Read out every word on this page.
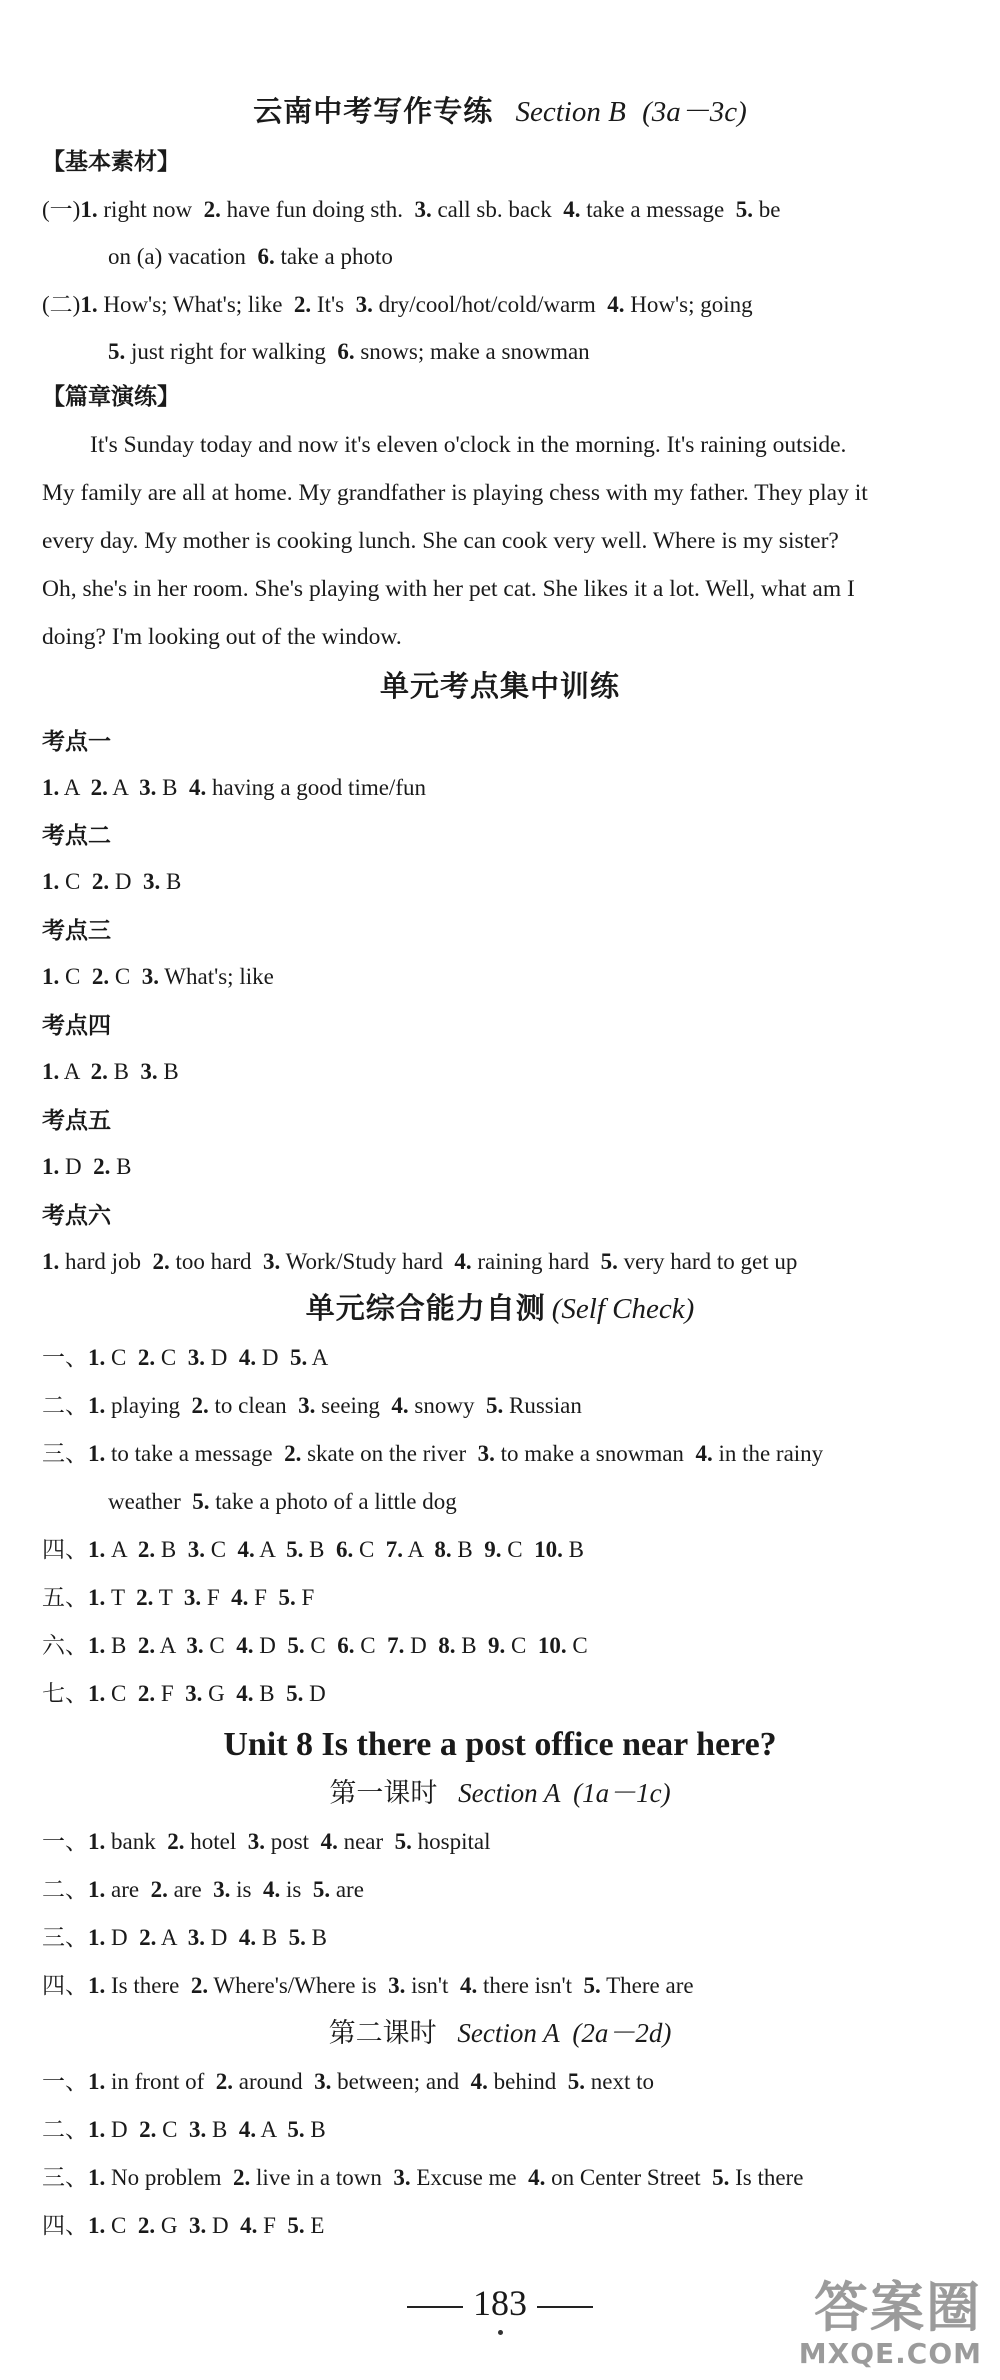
云南中考写作专练 Section B (3a－3c)
【基本素材】
(一)1. right now  2. have fun doing sth.  3. call sb. back  4. take a message  5. be
on (a) vacation  6. take a photo
(二)1. How's; What's; like  2. It's  3. dry/cool/hot/cold/warm  4. How's; going
5. just right for walking  6. snows; make a snowman
【篇章演练】
It's Sunday today and now it's eleven o'clock in the morning. It's raining outside.
My family are all at home. My grandfather is playing chess with my father. They play it
every day. My mother is cooking lunch. She can cook very well. Where is my sister?
Oh, she's in her room. She's playing with her pet cat. She likes it a lot. Well, what am I
doing? I'm looking out of the window.
单元考点集中训练
考点一
1. A  2. A  3. B  4. having a good time/fun
考点二
1. C  2. D  3. B
考点三
1. C  2. C  3. What's; like
考点四
1. A  2. B  3. B
考点五
1. D  2. B
考点六
1. hard job  2. too hard  3. Work/Study hard  4. raining hard  5. very hard to get up
单元综合能力自测 (Self Check)
一、1. C  2. C  3. D  4. D  5. A
二、1. playing  2. to clean  3. seeing  4. snowy  5. Russian
三、1. to take a message  2. skate on the river  3. to make a snowman  4. in the rainy
weather  5. take a photo of a little dog
四、1. A  2. B  3. C  4. A  5. B  6. C  7. A  8. B  9. C  10. B
五、1. T  2. T  3. F  4. F  5. F
六、1. B  2. A  3. C  4. D  5. C  6. C  7. D  8. B  9. C  10. C
七、1. C  2. F  3. G  4. B  5. D
Unit 8 Is there a post office near here?
第一课时 Section A (1a－1c)
一、1. bank  2. hotel  3. post  4. near  5. hospital
二、1. are  2. are  3. is  4. is  5. are
三、1. D  2. A  3. D  4. B  5. B
四、1. Is there  2. Where's/Where is  3. isn't  4. there isn't  5. There are
第二课时 Section A (2a－2d)
一、1. in front of  2. around  3. between; and  4. behind  5. next to
二、1. D  2. C  3. B  4. A  5. B
三、1. No problem  2. live in a town  3. Excuse me  4. on Center Street  5. Is there
四、1. C  2. G  3. D  4. F  5. E
183	答案圈
MXQE.COM
